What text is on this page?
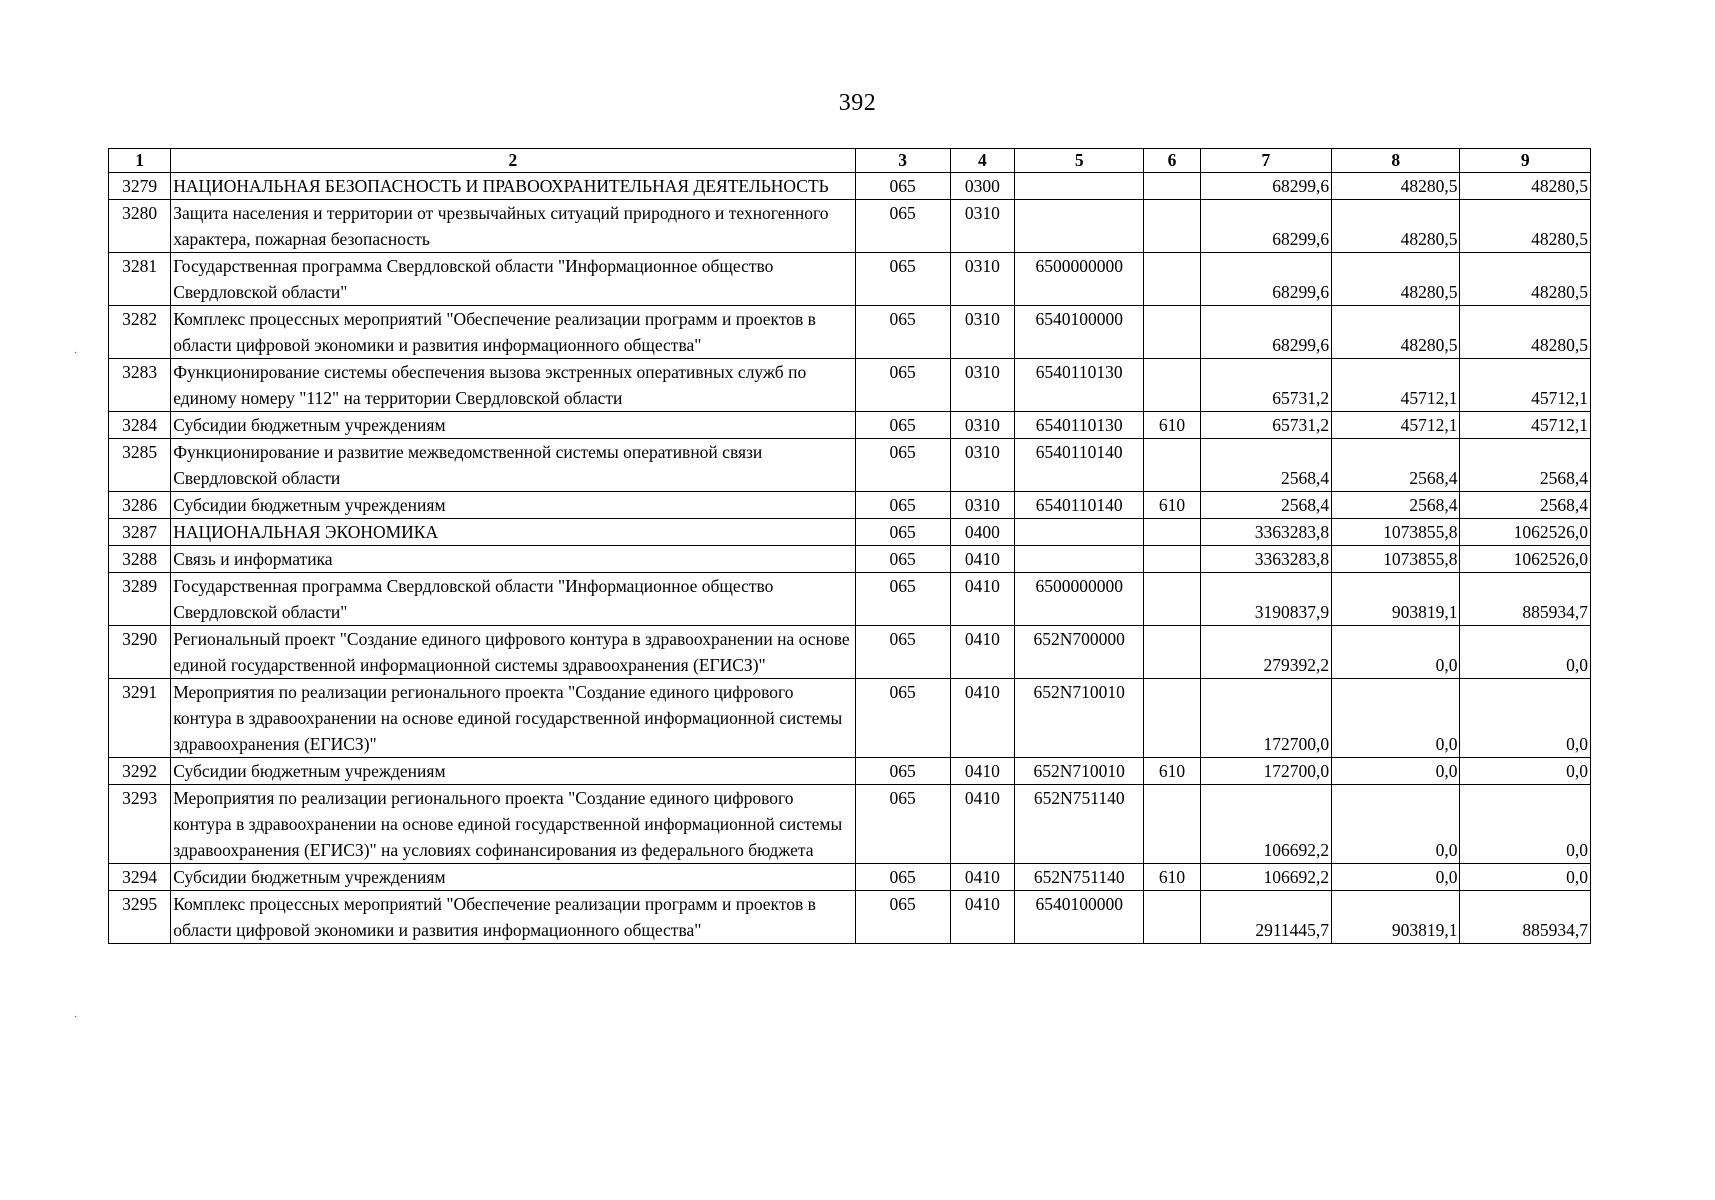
392
·
·
1	2	3	4	5	6	7	8	9
3279	НАЦИОНАЛЬНАЯ БЕЗОПАСНОСТЬ И ПРАВООХРАНИТЕЛЬНАЯ ДЕЯТЕЛЬНОСТЬ	065	0300			68299,6	48280,5	48280,5
3280	Защита населения и территории от чрезвычайных ситуаций природного и техногенного характера, пожарная безопасность	065	0310			68299,6	48280,5	48280,5
3281	Государственная программа Свердловской области "Информационное общество Свердловской области"	065	0310	6500000000		68299,6	48280,5	48280,5
3282	Комплекс процессных мероприятий "Обеспечение реализации программ и проектов в области цифровой экономики и развития информационного общества"	065	0310	6540100000		68299,6	48280,5	48280,5
3283	Функционирование системы обеспечения вызова экстренных оперативных служб по единому номеру "112" на территории Свердловской области	065	0310	6540110130		65731,2	45712,1	45712,1
3284	Субсидии бюджетным учреждениям	065	0310	6540110130	610	65731,2	45712,1	45712,1
3285	Функционирование и развитие межведомственной системы оперативной связи Свердловской области	065	0310	6540110140		2568,4	2568,4	2568,4
3286	Субсидии бюджетным учреждениям	065	0310	6540110140	610	2568,4	2568,4	2568,4
3287	НАЦИОНАЛЬНАЯ ЭКОНОМИКА	065	0400			3363283,8	1073855,8	1062526,0
3288	Связь и информатика	065	0410			3363283,8	1073855,8	1062526,0
3289	Государственная программа Свердловской области "Информационное общество Свердловской области"	065	0410	6500000000		3190837,9	903819,1	885934,7
3290	Региональный проект "Создание единого цифрового контура в здравоохранении на основе единой государственной информационной системы здравоохранения (ЕГИСЗ)"	065	0410	652N700000		279392,2	0,0	0,0
3291	Мероприятия по реализации регионального проекта "Создание единого цифрового контура в здравоохранении на основе единой государственной информационной системы здравоохранения (ЕГИСЗ)"	065	0410	652N710010		172700,0	0,0	0,0
3292	Субсидии бюджетным учреждениям	065	0410	652N710010	610	172700,0	0,0	0,0
3293	Мероприятия по реализации регионального проекта "Создание единого цифрового контура в здравоохранении на основе единой государственной информационной системы здравоохранения (ЕГИСЗ)" на условиях софинансирования из федерального бюджета	065	0410	652N751140		106692,2	0,0	0,0
3294	Субсидии бюджетным учреждениям	065	0410	652N751140	610	106692,2	0,0	0,0
3295	Комплекс процессных мероприятий "Обеспечение реализации программ и проектов в области цифровой экономики и развития информационного общества"	065	0410	6540100000		2911445,7	903819,1	885934,7
